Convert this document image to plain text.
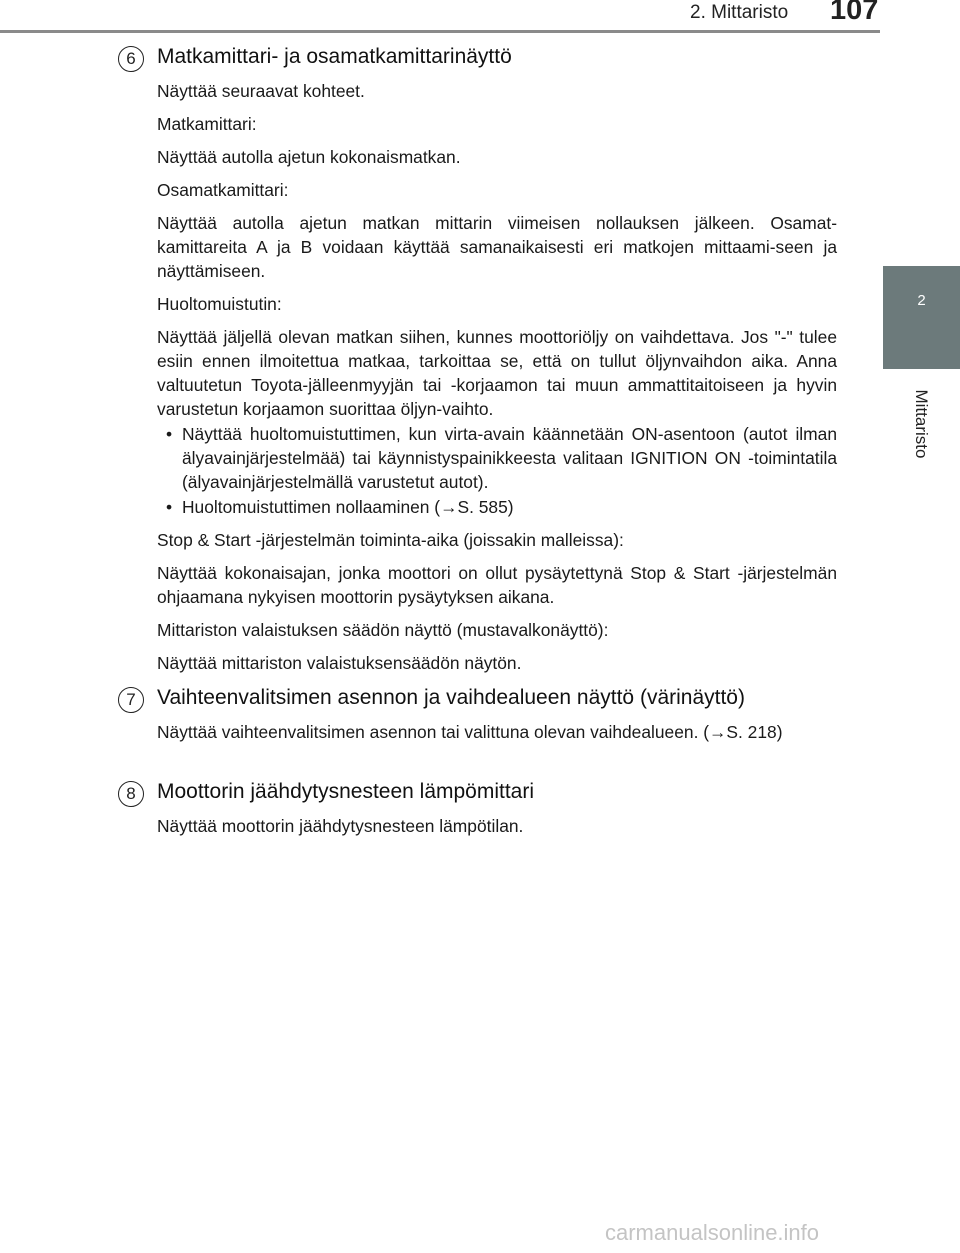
2. Mittaristo 107
2
Mittaristo
6	Matkamittari- ja osamatkamittarinäyttö

Näyttää seuraavat kohteet.

Matkamittari:

Näyttää autolla ajetun kokonaismatkan.

Osamatkamittari:

Näyttää autolla ajetun matkan mittarin viimeisen nollauksen jälkeen. Osamat-kamittareita A ja B voidaan käyttää samanaikaisesti eri matkojen mittaami-seen ja näyttämiseen.

Huoltomuistutin:

Näyttää jäljellä olevan matkan siihen, kunnes moottoriöljy on vaihdettava. Jos "-" tulee esiin ennen ilmoitettua matkaa, tarkoittaa se, että on tullut öljynvaihdon aika. Anna valtuutetun Toyota-jälleenmyyjän tai -korjaamon tai muun ammattitaitoiseen ja hyvin varustetun korjaamon suorittaa öljyn-vaihto.

• Näyttää huoltomuistuttimen, kun virta-avain käännetään ON-asentoon (autot ilman älyavainjärjestelmää) tai käynnistyspainikkeesta valitaan IGNITION ON -toimintatila (älyavainjärjestelmällä varustetut autot).
• Huoltomuistuttimen nollaaminen (→S. 585)

Stop & Start -järjestelmän toiminta-aika (joissakin malleissa):

Näyttää kokonaisajan, jonka moottori on ollut pysäytettynä Stop & Start -järjestelmän ohjaamana nykyisen moottorin pysäytyksen aikana.

Mittariston valaistuksen säädön näyttö (mustavalkonäyttö):

Näyttää mittariston valaistuksensäädön näytön.

7	Vaihteenvalitsimen asennon ja vaihdealueen näyttö (värinäyttö)

Näyttää vaihteenvalitsimen asennon tai valittuna olevan vaihdealueen. (→S. 218)

8	Moottorin jäähdytysnesteen lämpömittari

Näyttää moottorin jäähdytysnesteen lämpötilan.

carmanualsonline.info
